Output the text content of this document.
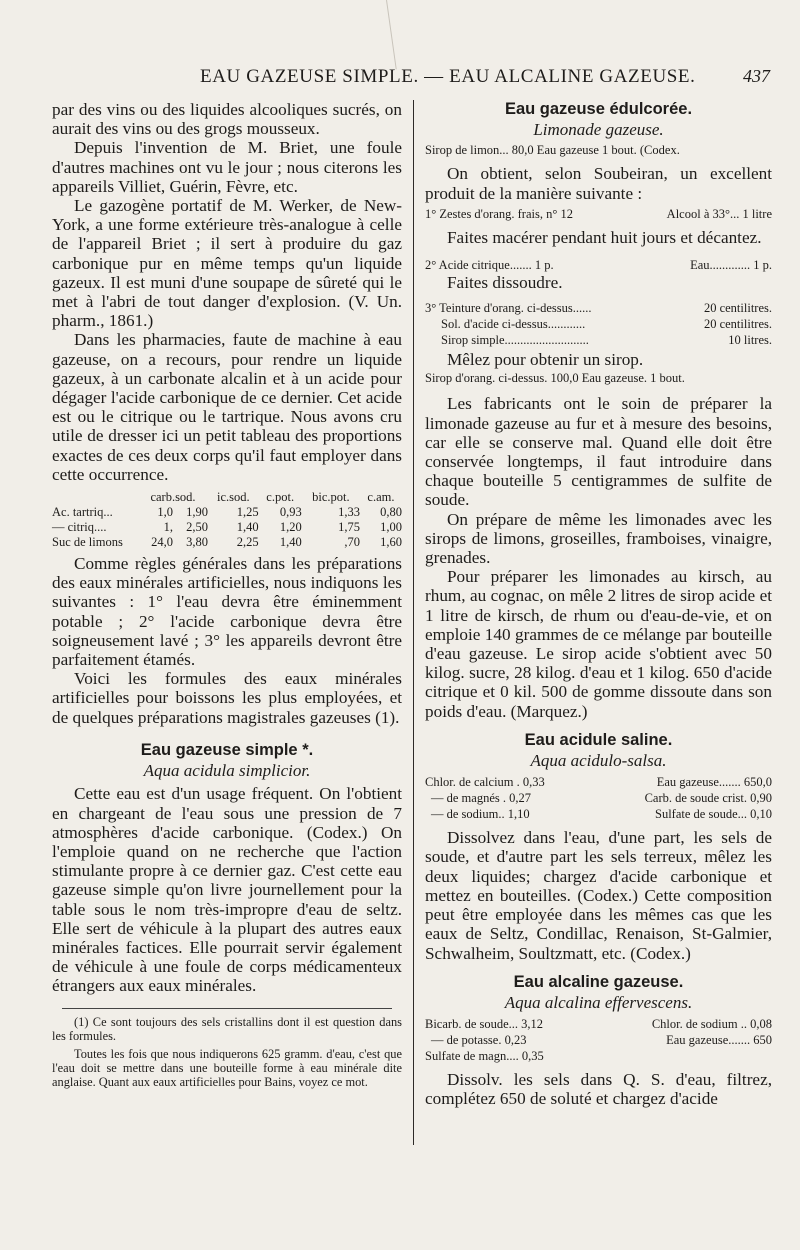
EAU GAZEUSE SIMPLE. — EAU ALCALINE GAZEUSE.	437

par des vins ou des liquides alcooliques sucrés, on aurait des vins ou des grogs mousseux.

Depuis l'invention de M. Briet, une foule d'autres machines ont vu le jour ; nous citerons les appareils Villiet, Guérin, Fèvre, etc.

Le gazogène portatif de M. Werker, de New-York, a une forme extérieure très-analogue à celle de l'appareil Briet ; il sert à produire du gaz carbonique pur en même temps qu'un liquide gazeux. Il est muni d'une soupape de sûreté qui le met à l'abri de tout danger d'explosion. (V. Un. pharm., 1861.)

Dans les pharmacies, faute de machine à eau gazeuse, on a recours, pour rendre un liquide gazeux, à un carbonate alcalin et à un acide pour dégager l'acide carbonique de ce dernier. Cet acide est ou le citrique ou le tartrique. Nous avons cru utile de dresser ici un petit tableau des proportions exactes de ces deux corps qu'il faut employer dans cette occurrence.

	carb.sod.		ic.sod.	c.pot.	bic.pot.	c.am.
Ac. tartriq...	1,0	1,90	1,25	0,93	1,33	0,80
— citriq....	1,	2,50	1,40	1,20	1,75	1,00
Suc de limons	24,0	3,80	2,25	1,40	,70	1,60

Comme règles générales dans les préparations des eaux minérales artificielles, nous indiquons les suivantes : 1° l'eau devra être éminemment potable ; 2° l'acide carbonique devra être soigneusement lavé ; 3° les appareils devront être parfaitement étamés.

Voici les formules des eaux minérales artificielles pour boissons les plus employées, et de quelques préparations magistrales gazeuses (1).

Eau gazeuse simple *.
Aqua acidula simplicior.

Cette eau est d'un usage fréquent. On l'obtient en chargeant de l'eau sous une pression de 7 atmosphères d'acide carbonique. (Codex.) On l'emploie quand on ne recherche que l'action stimulante propre à ce dernier gaz. C'est cette eau gazeuse simple qu'on livre journellement pour la table sous le nom très-impropre d'eau de seltz. Elle sert de véhicule à la plupart des autres eaux minérales factices. Elle pourrait servir également de véhicule à une foule de corps médicamenteux étrangers aux eaux minérales.

(1) Ce sont toujours des sels cristallins dont il est question dans les formules.

Toutes les fois que nous indiquerons 625 gramm. d'eau, c'est que l'eau doit se mettre dans une bouteille forme à eau minérale dite anglaise. Quant aux eaux artificielles pour Bains, voyez ce mot.

Eau gazeuse édulcorée.
Limonade gazeuse.
Sirop de limon... 80,0 Eau gazeuse 1 bout. (Codex.

On obtient, selon Soubeiran, un excellent produit de la manière suivante :

1° Zestes d'orang. frais, n° 12	Alcool à 33°... 1 litre

Faites macérer pendant huit jours et décantez.

2° Acide citrique....... 1 p.	Eau............. 1 p.

Faites dissoudre.

3° Teinture d'orang. ci-dessus......	20 centilitres.
Sol. d'acide ci-dessus............	20 centilitres.
Sirop simple...........................	10 litres.

Mêlez pour obtenir un sirop.

Sirop d'orang. ci-dessus. 100,0 Eau gazeuse. 1 bout.

Les fabricants ont le soin de préparer la limonade gazeuse au fur et à mesure des besoins, car elle se conserve mal. Quand elle doit être conservée longtemps, il faut introduire dans chaque bouteille 5 centigrammes de sulfite de soude.

On prépare de même les limonades avec les sirops de limons, groseilles, framboises, vinaigre, grenades.

Pour préparer les limonades au kirsch, au rhum, au cognac, on mêle 2 litres de sirop acide et 1 litre de kirsch, de rhum ou d'eau-de-vie, et on emploie 140 grammes de ce mélange par bouteille d'eau gazeuse. Le sirop acide s'obtient avec 50 kilog. sucre, 28 kilog. d'eau et 1 kilog. 650 d'acide citrique et 0 kil. 500 de gomme dissoute dans son poids d'eau. (Marquez.)

Eau acidule saline.
Aqua acidulo-salsa.
Chlor. de calcium . 0,33	Eau gazeuse....... 650,0
— de magnés . 0,27	Carb. de soude crist. 0,90
— de sodium.. 1,10	Sulfate de soude... 0,10

Dissolvez dans l'eau, d'une part, les sels de soude, et d'autre part les sels terreux, mêlez les deux liquides; chargez d'acide carbonique et mettez en bouteilles. (Codex.) Cette composition peut être employée dans les mêmes cas que les eaux de Seltz, Condillac, Renaison, St-Galmier, Schwalheim, Soultzmatt, etc. (Codex.)

Eau alcaline gazeuse.
Aqua alcalina effervescens.
Bicarb. de soude... 3,12	Chlor. de sodium .. 0,08
— de potasse. 0,23	Eau gazeuse....... 650
Sulfate de magn.... 0,35

Dissolv. les sels dans Q. S. d'eau, filtrez, complétez 650 de soluté et chargez d'acide
